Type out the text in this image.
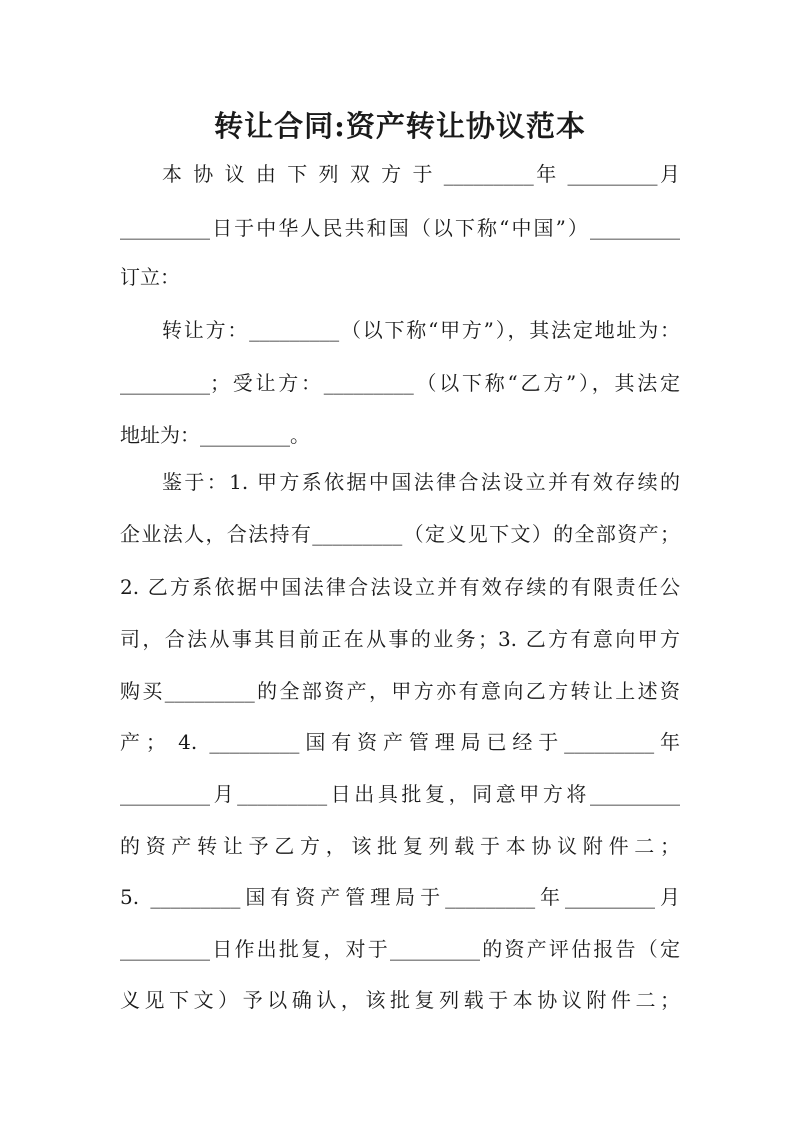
转让合同:资产转让协议范本

本 协 议 由 下 列 双 方 于 _________年 _________月

_________日于中华人民共和国（以下称“中国”）_________

订立：

转让方：_________（以下称“甲方”），其法定地址为：

_________；受让方：_________（以下称“乙方”），其法定

地址为：_________。

鉴于：1. 甲方系依据中国法律合法设立并有效存续的

企业法人，合法持有_________（定义见下文）的全部资产；

2. 乙方系依据中国法律合法设立并有效存续的有限责任公

司，合法从事其目前正在从事的业务；3. 乙方有意向甲方

购买_________的全部资产，甲方亦有意向乙方转让上述资

产； 4. _________国有资产管理局已经于_________年

_________月_________日出具批复，同意甲方将_________

的资产转让予乙方，该批复列载于本协议附件二；

5. _________国有资产管理局于_________年_________月

_________日作出批复，对于_________的资产评估报告（定

义见下文）予以确认，该批复列载于本协议附件二；
